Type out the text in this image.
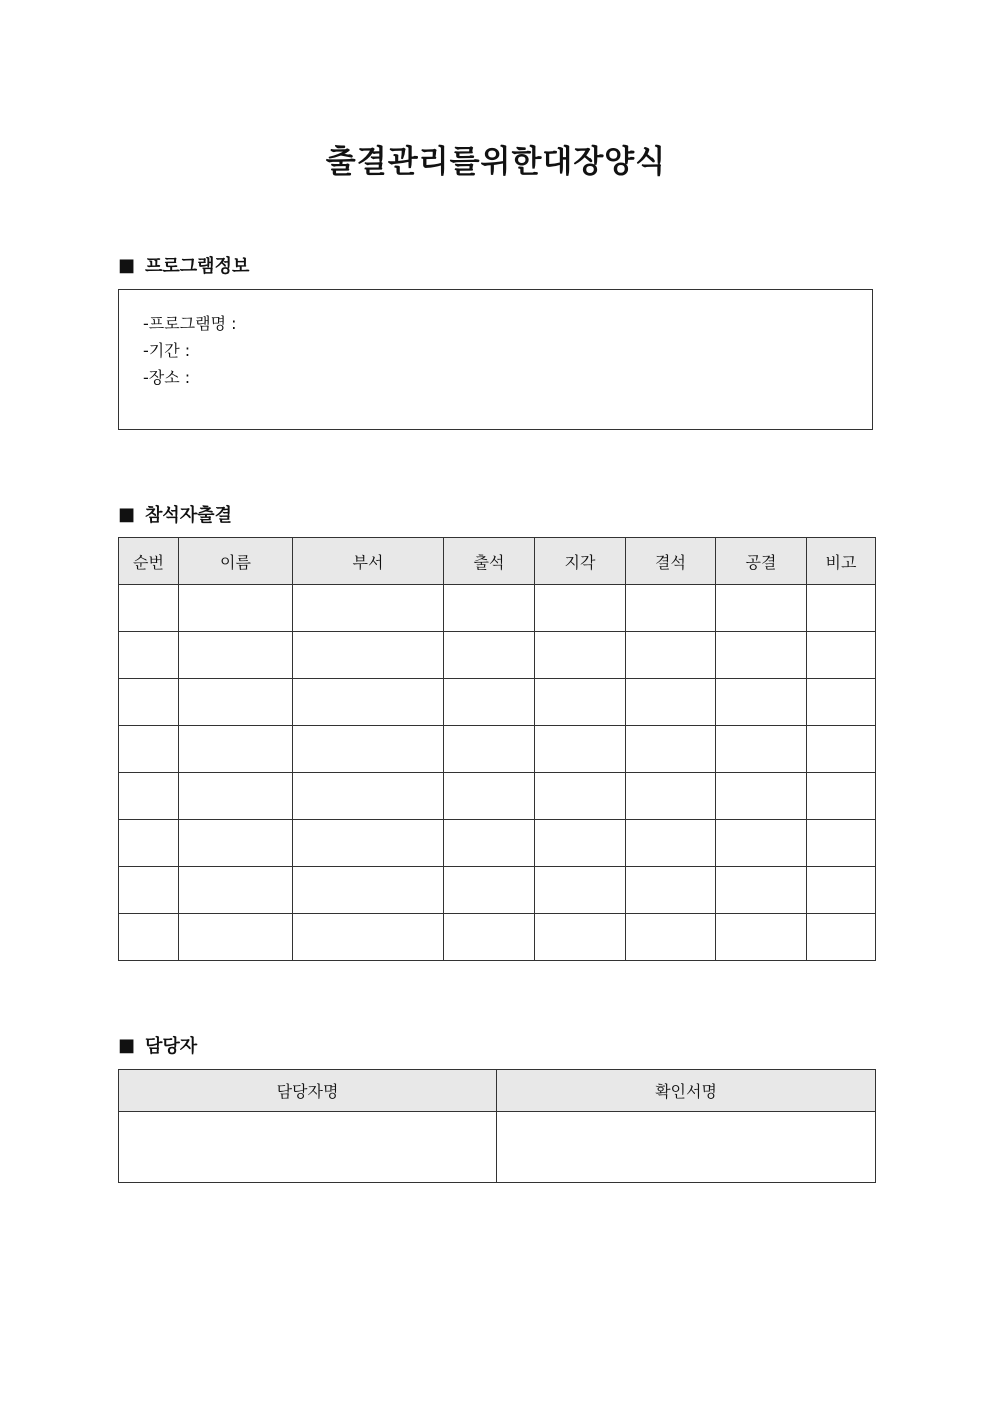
출결관리를위한대장양식
■ 프로그램정보
-프로그램명 :
-기간 :
-장소 :
■ 참석자출결
순번	이름	부서	출석	지각	결석	공결	비고

■ 담당자
담당자명	확인서명
